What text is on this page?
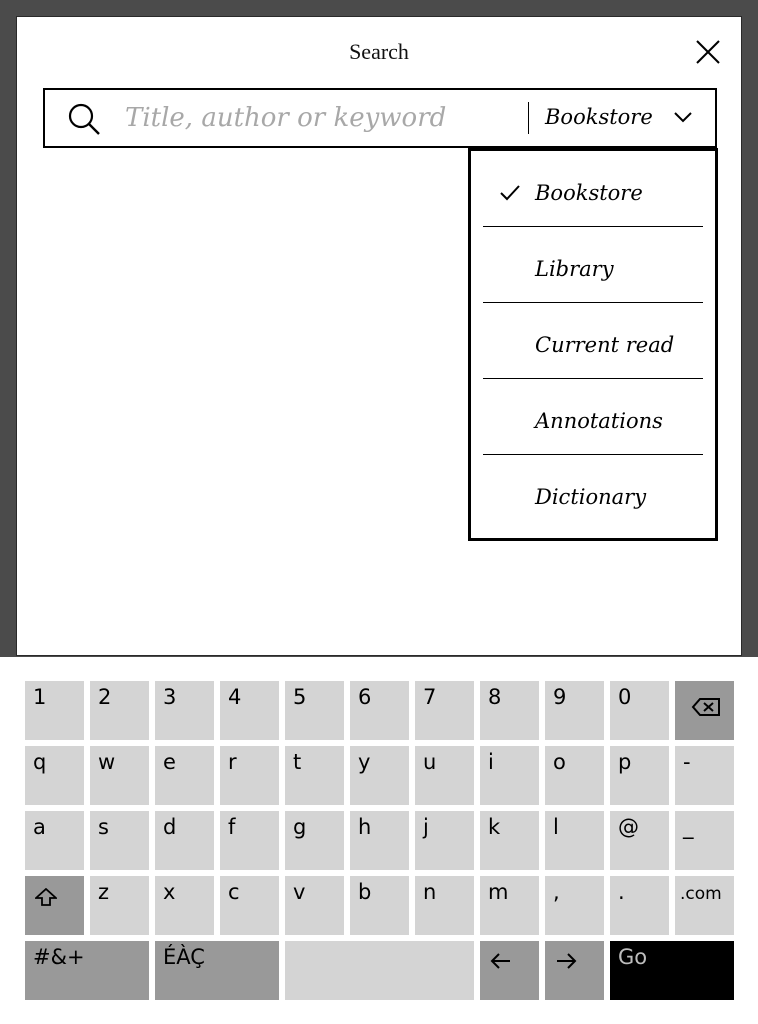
Search
Title, author or keyword
Bookstore
Bookstore
Library
Current read
Annotations
Dictionary
1 2 3 4 5 6 7 8 9 0
q w e r	t	y	u i	o p -
a s	d f	g h j	k	l	@ _
z	x	c	v	b n m ,	.	.com
#&+	ÉÀÇ	Go
